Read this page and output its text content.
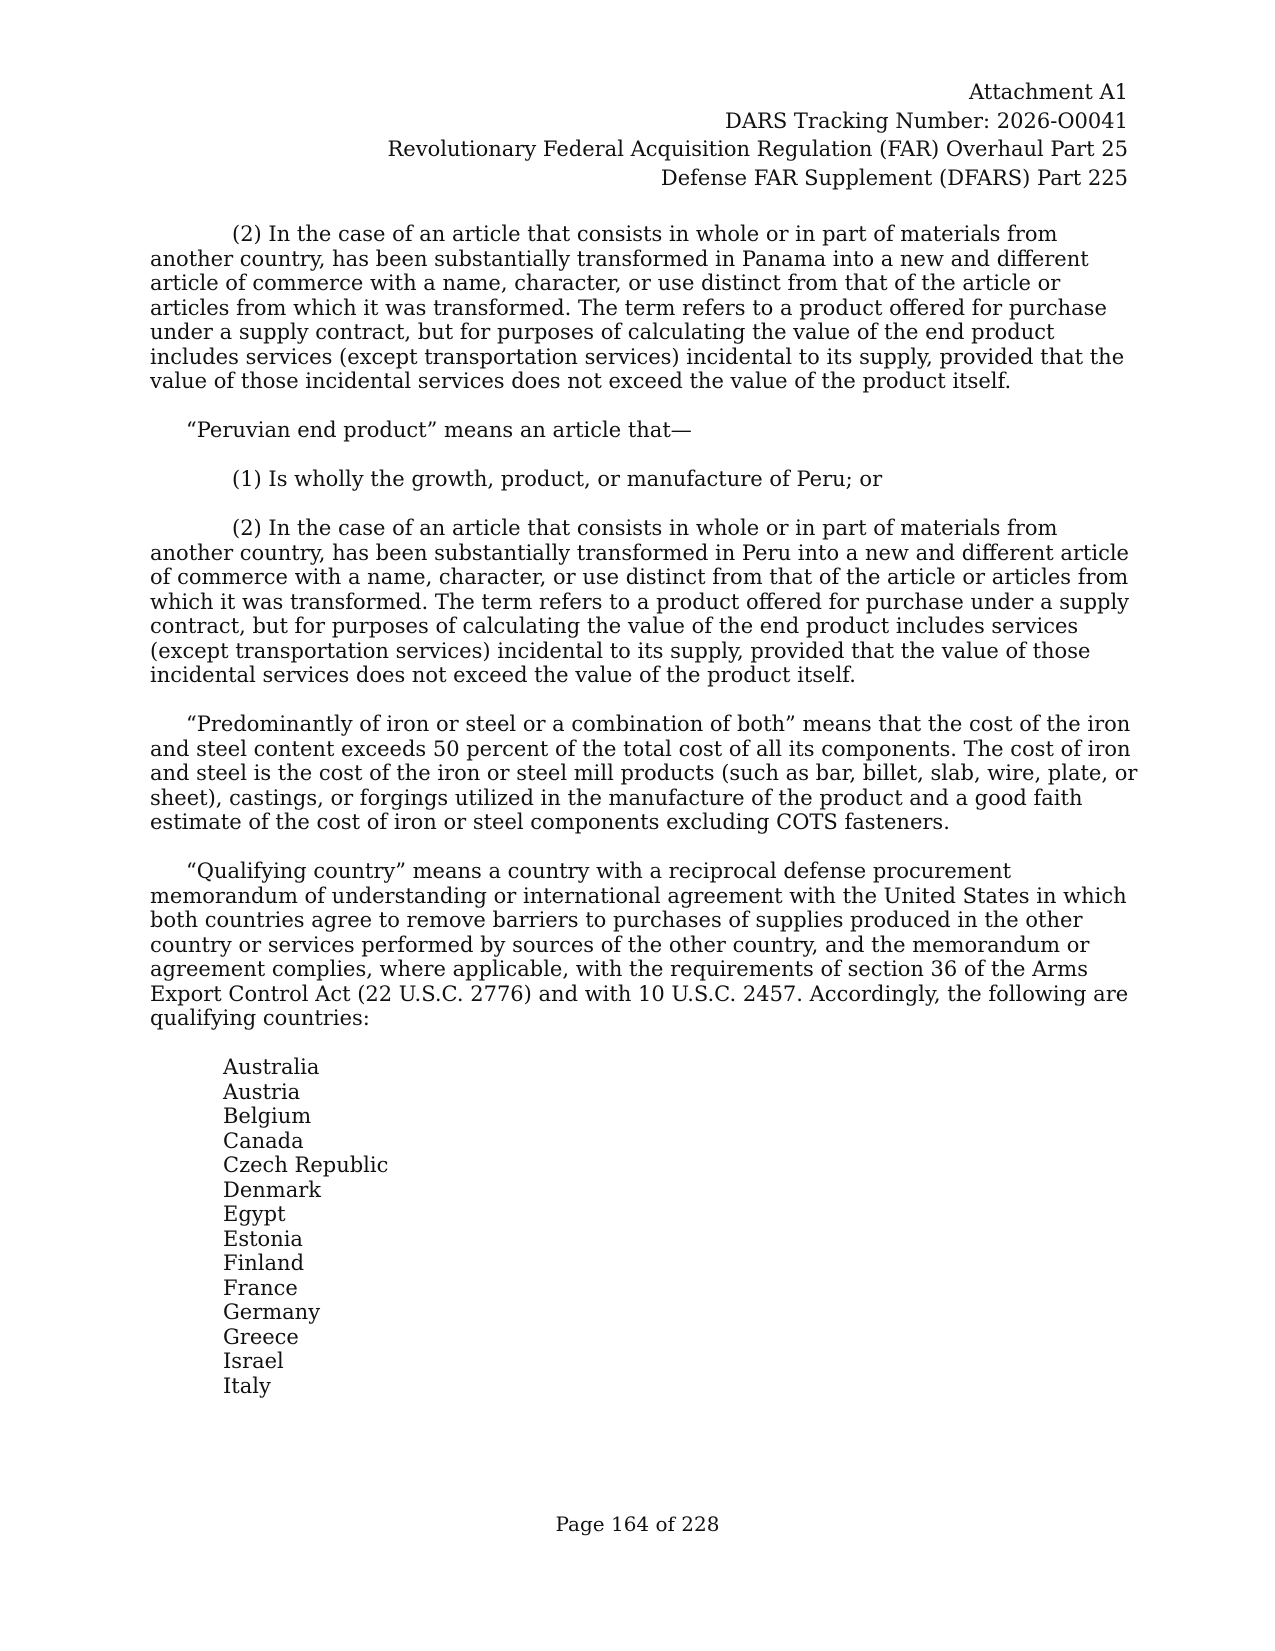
Attachment A1
DARS Tracking Number: 2026-O0041
Revolutionary Federal Acquisition Regulation (FAR) Overhaul Part 25
Defense FAR Supplement (DFARS) Part 225

(2) In the case of an article that consists in whole or in part of materials from another country, has been substantially transformed in Panama into a new and different article of commerce with a name, character, or use distinct from that of the article or articles from which it was transformed. The term refers to a product offered for purchase under a supply contract, but for purposes of calculating the value of the end product includes services (except transportation services) incidental to its supply, provided that the value of those incidental services does not exceed the value of the product itself.

“Peruvian end product” means an article that—

(1) Is wholly the growth, product, or manufacture of Peru; or

(2) In the case of an article that consists in whole or in part of materials from another country, has been substantially transformed in Peru into a new and different article of commerce with a name, character, or use distinct from that of the article or articles from which it was transformed. The term refers to a product offered for purchase under a supply contract, but for purposes of calculating the value of the end product includes services (except transportation services) incidental to its supply, provided that the value of those incidental services does not exceed the value of the product itself.

“Predominantly of iron or steel or a combination of both” means that the cost of the iron and steel content exceeds 50 percent of the total cost of all its components. The cost of iron and steel is the cost of the iron or steel mill products (such as bar, billet, slab, wire, plate, or sheet), castings, or forgings utilized in the manufacture of the product and a good faith estimate of the cost of iron or steel components excluding COTS fasteners.

“Qualifying country” means a country with a reciprocal defense procurement memorandum of understanding or international agreement with the United States in which both countries agree to remove barriers to purchases of supplies produced in the other country or services performed by sources of the other country, and the memorandum or agreement complies, where applicable, with the requirements of section 36 of the Arms Export Control Act (22 U.S.C. 2776) and with 10 U.S.C. 2457. Accordingly, the following are qualifying countries:

Australia
Austria
Belgium
Canada
Czech Republic
Denmark
Egypt
Estonia
Finland
France
Germany
Greece
Israel
Italy
Page 164 of 228
